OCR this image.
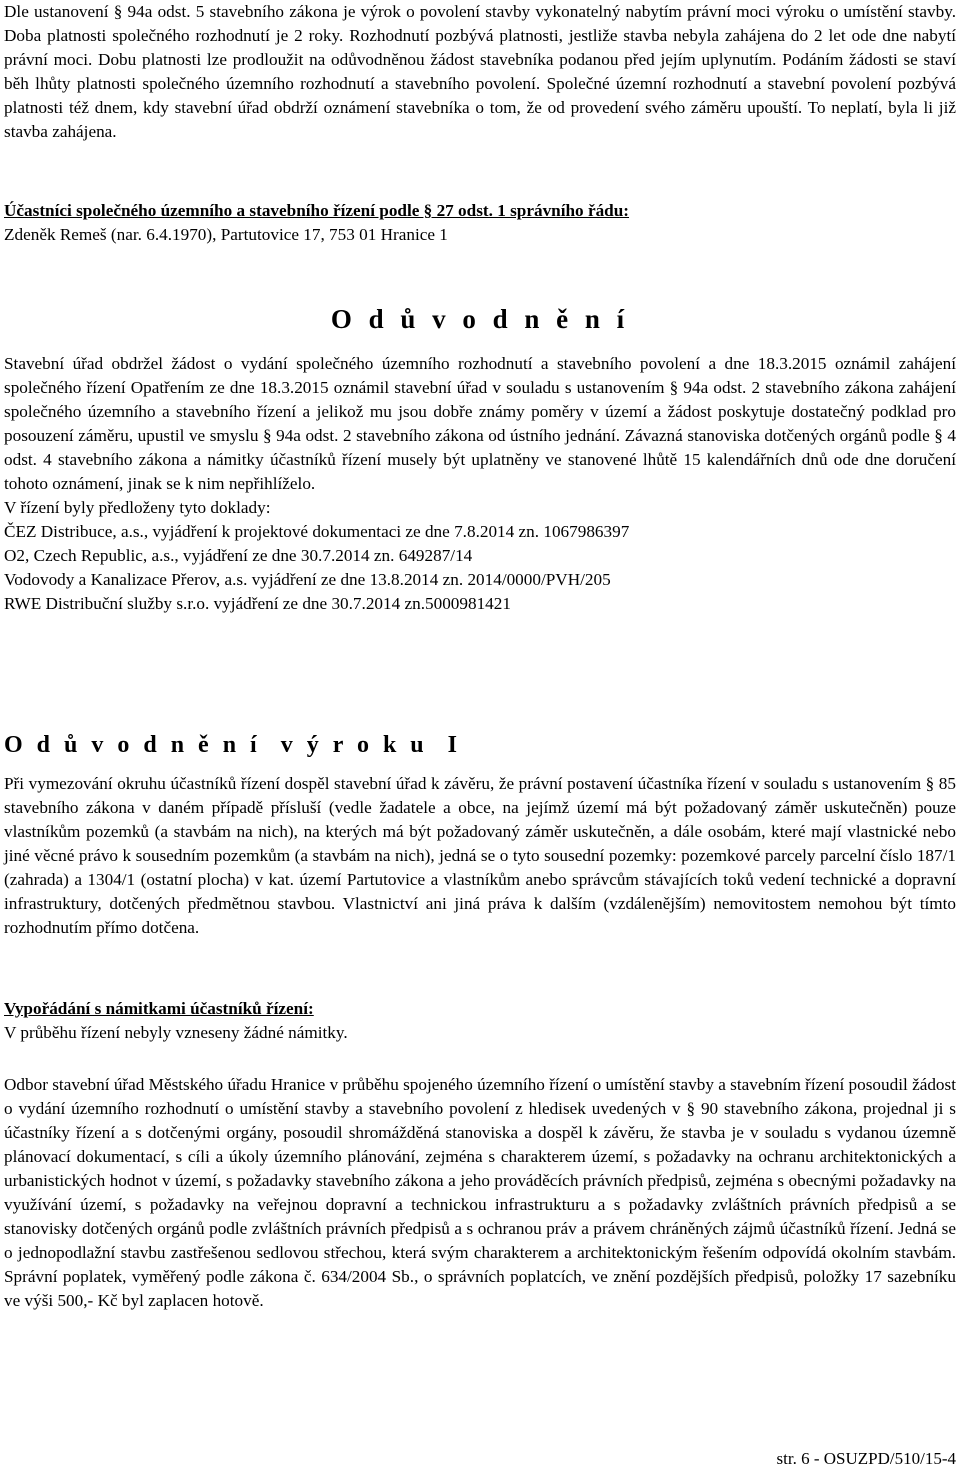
Dle ustanovení § 94a odst. 5 stavebního zákona je výrok o povolení stavby vykonatelný nabytím právní moci výroku o umístění stavby. Doba platnosti společného rozhodnutí je 2 roky. Rozhodnutí pozbývá platnosti, jestliže stavba nebyla zahájena do 2 let ode dne nabytí právní moci. Dobu platnosti lze prodloužit na odůvodněnou žádost stavebníka podanou před jejím uplynutím. Podáním žádosti se staví běh lhůty platnosti společného územního rozhodnutí a stavebního povolení. Společné územní rozhodnutí a stavební povolení pozbývá platnosti též dnem, kdy stavební úřad obdrží oznámení stavebníka o tom, že od provedení svého záměru upouští. To neplatí, byla li již stavba zahájena.

Účastníci společného územního a stavebního řízení podle § 27 odst. 1 správního řádu:
Zdeněk Remeš (nar. 6.4.1970), Partutovice 17, 753 01 Hranice 1
O d ů v o d n ě n í

Stavební úřad obdržel žádost o vydání společného územního rozhodnutí a stavebního povolení a dne 18.3.2015 oznámil zahájení společného řízení Opatřením ze dne 18.3.2015 oznámil stavební úřad v souladu s ustanovením § 94a odst. 2 stavebního zákona zahájení společného územního a stavebního řízení a jelikož mu jsou dobře známy poměry v území a žádost poskytuje dostatečný podklad pro posouzení záměru, upustil ve smyslu § 94a odst. 2 stavebního zákona od ústního jednání. Závazná stanoviska dotčených orgánů podle § 4 odst. 4 stavebního zákona a námitky účastníků řízení musely být uplatněny ve stanovené lhůtě 15 kalendářních dnů ode dne doručení tohoto oznámení, jinak se k nim nepřihlíželo.

V řízení byly předloženy tyto doklady:
ČEZ Distribuce, a.s., vyjádření k projektové dokumentaci ze dne 7.8.2014 zn. 1067986397
O2, Czech Republic, a.s., vyjádření ze dne 30.7.2014 zn. 649287/14
Vodovody a Kanalizace Přerov, a.s. vyjádření ze dne 13.8.2014 zn. 2014/0000/PVH/205
RWE Distribuční služby s.r.o. vyjádření ze dne 30.7.2014 zn.5000981421
O d ů v o d n ě n í  v ý r o k u  I

Při vymezování okruhu účastníků řízení dospěl stavební úřad k závěru, že právní postavení účastníka řízení v souladu s ustanovením § 85 stavebního zákona v daném případě přísluší (vedle žadatele a obce, na jejímž území má být požadovaný záměr uskutečněn) pouze vlastníkům pozemků (a stavbám na nich), na kterých má být požadovaný záměr uskutečněn, a dále osobám, které mají vlastnické nebo jiné věcné právo k sousedním pozemkům (a stavbám na nich), jedná se o tyto sousední pozemky: pozemkové parcely parcelní číslo 187/1 (zahrada) a 1304/1 (ostatní plocha) v kat. území Partutovice a vlastníkům anebo správcům stávajících toků vedení technické a dopravní infrastruktury, dotčených předmětnou stavbou. Vlastnictví ani jiná práva k dalším (vzdálenějším) nemovitostem nemohou být tímto rozhodnutím přímo dotčena.

Vypořádání s námitkami účastníků řízení:
V průběhu řízení nebyly vzneseny žádné námitky.

Odbor stavební úřad Městského úřadu Hranice v průběhu spojeného územního řízení o umístění stavby a stavebním řízení posoudil žádost o vydání územního rozhodnutí o umístění stavby a stavebního povolení z hledisek uvedených v § 90 stavebního zákona, projednal ji s účastníky řízení a s dotčenými orgány, posoudil shromážděná stanoviska a dospěl k závěru, že stavba je v souladu s vydanou územně plánovací dokumentací, s cíli a úkoly územního plánování, zejména s charakterem území, s požadavky na ochranu architektonických a urbanistických hodnot v území, s požadavky stavebního zákona a jeho prováděcích právních předpisů, zejména s obecnými požadavky na využívání území, s požadavky na veřejnou dopravní a technickou infrastrukturu a s požadavky zvláštních právních předpisů a se stanovisky dotčených orgánů podle zvláštních právních předpisů a s ochranou práv a právem chráněných zájmů účastníků řízení. Jedná se o jednopodlažní stavbu zastřešenou sedlovou střechou, která svým charakterem a architektonickým řešením odpovídá okolním stavbám. Správní poplatek, vyměřený podle zákona č. 634/2004 Sb., o správních poplatcích, ve znění pozdějších předpisů, položky 17 sazebníku ve výši 500,- Kč byl zaplacen hotově.

str. 6 - OSUZPD/510/15-4
